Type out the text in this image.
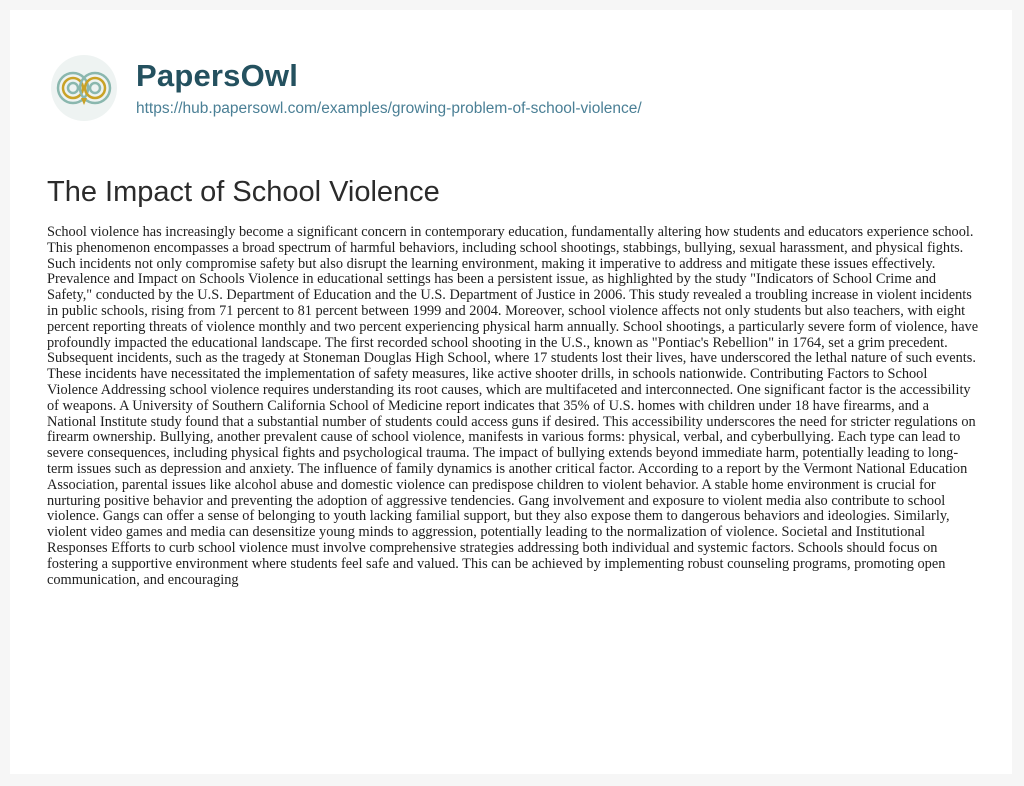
PapersOwl
https://hub.papersowl.com/examples/growing-problem-of-school-violence/
The Impact of School Violence

School violence has increasingly become a significant concern in contemporary education, fundamentally altering how students and educators experience school. This phenomenon encompasses a broad spectrum of harmful behaviors, including school shootings, stabbings, bullying, sexual harassment, and physical fights. Such incidents not only compromise safety but also disrupt the learning environment, making it imperative to address and mitigate these issues effectively. Prevalence and Impact on Schools Violence in educational settings has been a persistent issue, as highlighted by the study "Indicators of School Crime and Safety," conducted by the U.S. Department of Education and the U.S. Department of Justice in 2006. This study revealed a troubling increase in violent incidents in public schools, rising from 71 percent to 81 percent between 1999 and 2004. Moreover, school violence affects not only students but also teachers, with eight percent reporting threats of violence monthly and two percent experiencing physical harm annually. School shootings, a particularly severe form of violence, have profoundly impacted the educational landscape. The first recorded school shooting in the U.S., known as "Pontiac's Rebellion" in 1764, set a grim precedent. Subsequent incidents, such as the tragedy at Stoneman Douglas High School, where 17 students lost their lives, have underscored the lethal nature of such events. These incidents have necessitated the implementation of safety measures, like active shooter drills, in schools nationwide. Contributing Factors to School Violence Addressing school violence requires understanding its root causes, which are multifaceted and interconnected. One significant factor is the accessibility of weapons. A University of Southern California School of Medicine report indicates that 35% of U.S. homes with children under 18 have firearms, and a National Institute study found that a substantial number of students could access guns if desired. This accessibility underscores the need for stricter regulations on firearm ownership. Bullying, another prevalent cause of school violence, manifests in various forms: physical, verbal, and cyberbullying. Each type can lead to severe consequences, including physical fights and psychological trauma. The impact of bullying extends beyond immediate harm, potentially leading to long-term issues such as depression and anxiety. The influence of family dynamics is another critical factor. According to a report by the Vermont National Education Association, parental issues like alcohol abuse and domestic violence can predispose children to violent behavior. A stable home environment is crucial for nurturing positive behavior and preventing the adoption of aggressive tendencies. Gang involvement and exposure to violent media also contribute to school violence. Gangs can offer a sense of belonging to youth lacking familial support, but they also expose them to dangerous behaviors and ideologies. Similarly, violent video games and media can desensitize young minds to aggression, potentially leading to the normalization of violence. Societal and Institutional Responses Efforts to curb school violence must involve comprehensive strategies addressing both individual and systemic factors. Schools should focus on fostering a supportive environment where students feel safe and valued. This can be achieved by implementing robust counseling programs, promoting open communication, and encouraging
